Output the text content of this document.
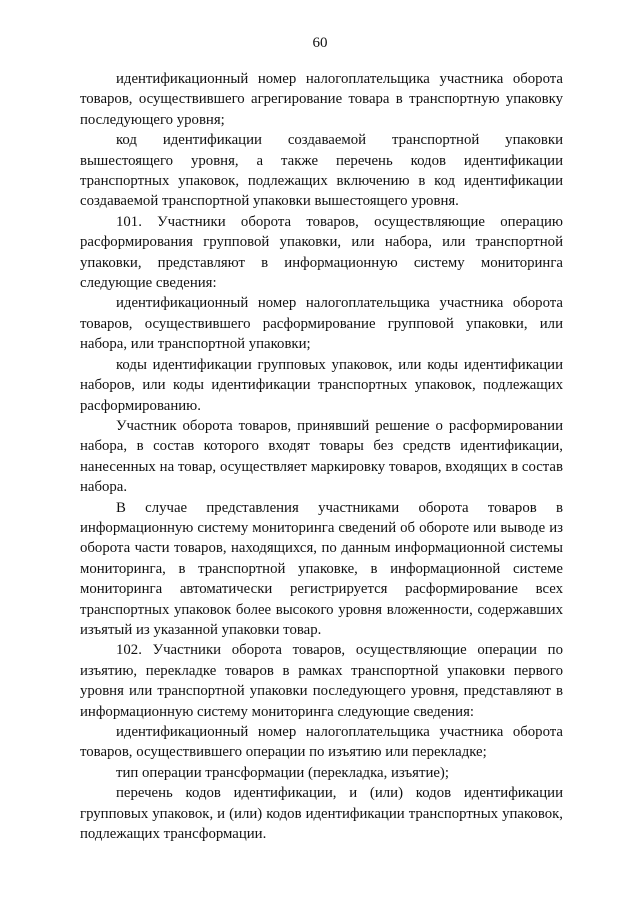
60

идентификационный номер налогоплательщика участника оборота товаров, осуществившего агрегирование товара в транспортную упаковку последующего уровня;

код идентификации создаваемой транспортной упаковки вышестоящего уровня, а также перечень кодов идентификации транспортных упаковок, подлежащих включению в код идентификации создаваемой транспортной упаковки вышестоящего уровня.

101. Участники оборота товаров, осуществляющие операцию расформирования групповой упаковки, или набора, или транспортной упаковки, представляют в информационную систему мониторинга следующие сведения:

идентификационный номер налогоплательщика участника оборота товаров, осуществившего расформирование групповой упаковки, или набора, или транспортной упаковки;

коды идентификации групповых упаковок, или коды идентификации наборов, или коды идентификации транспортных упаковок, подлежащих расформированию.

Участник оборота товаров, принявший решение о расформировании набора, в состав которого входят товары без средств идентификации, нанесенных на товар, осуществляет маркировку товаров, входящих в состав набора.

В случае представления участниками оборота товаров в информационную систему мониторинга сведений об обороте или выводе из оборота части товаров, находящихся, по данным информационной системы мониторинга, в транспортной упаковке, в информационной системе мониторинга автоматически регистрируется расформирование всех транспортных упаковок более высокого уровня вложенности, содержавших изъятый из указанной упаковки товар.

102. Участники оборота товаров, осуществляющие операции по изъятию, перекладке товаров в рамках транспортной упаковки первого уровня или транспортной упаковки последующего уровня, представляют в информационную систему мониторинга следующие сведения:

идентификационный номер налогоплательщика участника оборота товаров, осуществившего операции по изъятию или перекладке;

тип операции трансформации (перекладка, изъятие);

перечень кодов идентификации, и (или) кодов идентификации групповых упаковок, и (или) кодов идентификации транспортных упаковок, подлежащих трансформации.
